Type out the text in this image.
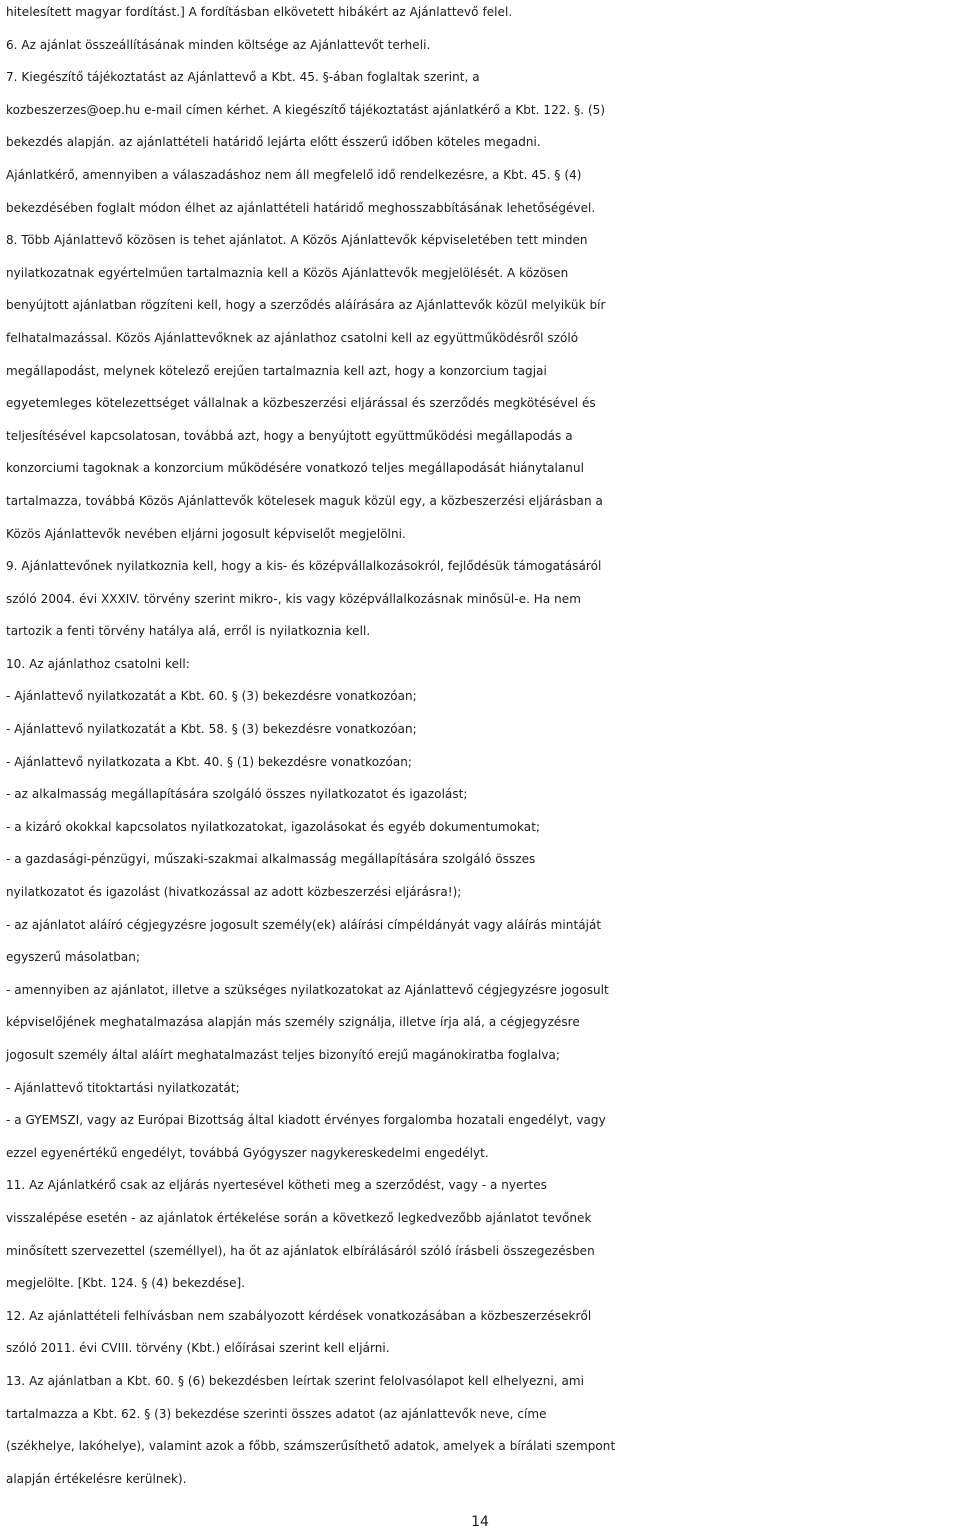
hitelesített magyar fordítást.] A fordításban elkövetett hibákért az Ajánlattevő felel.
6. Az ajánlat összeállításának minden költsége az Ajánlattevőt terheli.
7. Kiegészítő tájékoztatást az Ajánlattevő a Kbt. 45. §-ában foglaltak szerint, a
kozbeszerzes@oep.hu e-mail címen kérhet. A kiegészítő tájékoztatást ajánlatkérő a Kbt. 122. §. (5)
bekezdés alapján. az ajánlattételi határidő lejárta előtt ésszerű időben köteles megadni.
Ajánlatkérő, amennyiben a válaszadáshoz nem áll megfelelő idő rendelkezésre, a Kbt. 45. § (4)
bekezdésében foglalt módon élhet az ajánlattételi határidő meghosszabbításának lehetőségével.
8. Több Ajánlattevő közösen is tehet ajánlatot. A Közös Ajánlattevők képviseletében tett minden
nyilatkozatnak egyértelműen tartalmaznia kell a Közös Ajánlattevők megjelölését. A közösen
benyújtott ajánlatban rögzíteni kell, hogy a szerződés aláírására az Ajánlattevők közül melyikük bír
felhatalmazással. Közös Ajánlattevőknek az ajánlathoz csatolni kell az együttműködésről szóló
megállapodást, melynek kötelező erejűen tartalmaznia kell azt, hogy a konzorcium tagjai
egyetemleges kötelezettséget vállalnak a közbeszerzési eljárással és szerződés megkötésével és
teljesítésével kapcsolatosan, továbbá azt, hogy a benyújtott együttműködési megállapodás a
konzorciumi tagoknak a konzorcium működésére vonatkozó teljes megállapodását hiánytalanul
tartalmazza, továbbá Közös Ajánlattevők kötelesek maguk közül egy, a közbeszerzési eljárásban a
Közös Ajánlattevők nevében eljárni jogosult képviselőt megjelölni.
9. Ajánlattevőnek nyilatkoznia kell, hogy a kis- és középvállalkozásokról, fejlődésük támogatásáról
szóló 2004. évi XXXIV. törvény szerint mikro-, kis vagy középvállalkozásnak minősül-e. Ha nem
tartozik a fenti törvény hatálya alá, erről is nyilatkoznia kell.
10. Az ajánlathoz csatolni kell:
- Ajánlattevő nyilatkozatát a Kbt. 60. § (3) bekezdésre vonatkozóan;
- Ajánlattevő nyilatkozatát a Kbt. 58. § (3) bekezdésre vonatkozóan;
- Ajánlattevő nyilatkozata a Kbt. 40. § (1) bekezdésre vonatkozóan;
- az alkalmasság megállapítására szolgáló összes nyilatkozatot és igazolást;
- a kizáró okokkal kapcsolatos nyilatkozatokat, igazolásokat és egyéb dokumentumokat;
- a gazdasági-pénzügyi, műszaki-szakmai alkalmasság megállapítására szolgáló összes
nyilatkozatot és igazolást (hivatkozással az adott közbeszerzési eljárásra!);
- az ajánlatot aláíró cégjegyzésre jogosult személy(ek) aláírási címpéldányát vagy aláírás mintáját
egyszerű másolatban;
- amennyiben az ajánlatot, illetve a szükséges nyilatkozatokat az Ajánlattevő cégjegyzésre jogosult
képviselőjének meghatalmazása alapján más személy szignálja, illetve írja alá, a cégjegyzésre
jogosult személy által aláírt meghatalmazást teljes bizonyító erejű magánokiratba foglalva;
- Ajánlattevő titoktartási nyilatkozatát;
- a GYEMSZI, vagy az Európai Bizottság által kiadott érvényes forgalomba hozatali engedélyt, vagy
ezzel egyenértékű engedélyt, továbbá Gyógyszer nagykereskedelmi engedélyt.
11. Az Ajánlatkérő csak az eljárás nyertesével kötheti meg a szerződést, vagy - a nyertes
visszalépése esetén - az ajánlatok értékelése során a következő legkedvezőbb ajánlatot tevőnek
minősített szervezettel (személlyel), ha őt az ajánlatok elbírálásáról szóló írásbeli összegezésben
megjelölte. [Kbt. 124. § (4) bekezdése].
12. Az ajánlattételi felhívásban nem szabályozott kérdések vonatkozásában a közbeszerzésekről
szóló 2011. évi CVIII. törvény (Kbt.) előírásai szerint kell eljárni.
13. Az ajánlatban a Kbt. 60. § (6) bekezdésben leírtak szerint felolvasólapot kell elhelyezni, ami
tartalmazza a Kbt. 62. § (3) bekezdése szerinti összes adatot (az ajánlattevők neve, címe
(székhelye, lakóhelye), valamint azok a főbb, számszerűsíthető adatok, amelyek a bírálati szempont
alapján értékelésre kerülnek).
14
